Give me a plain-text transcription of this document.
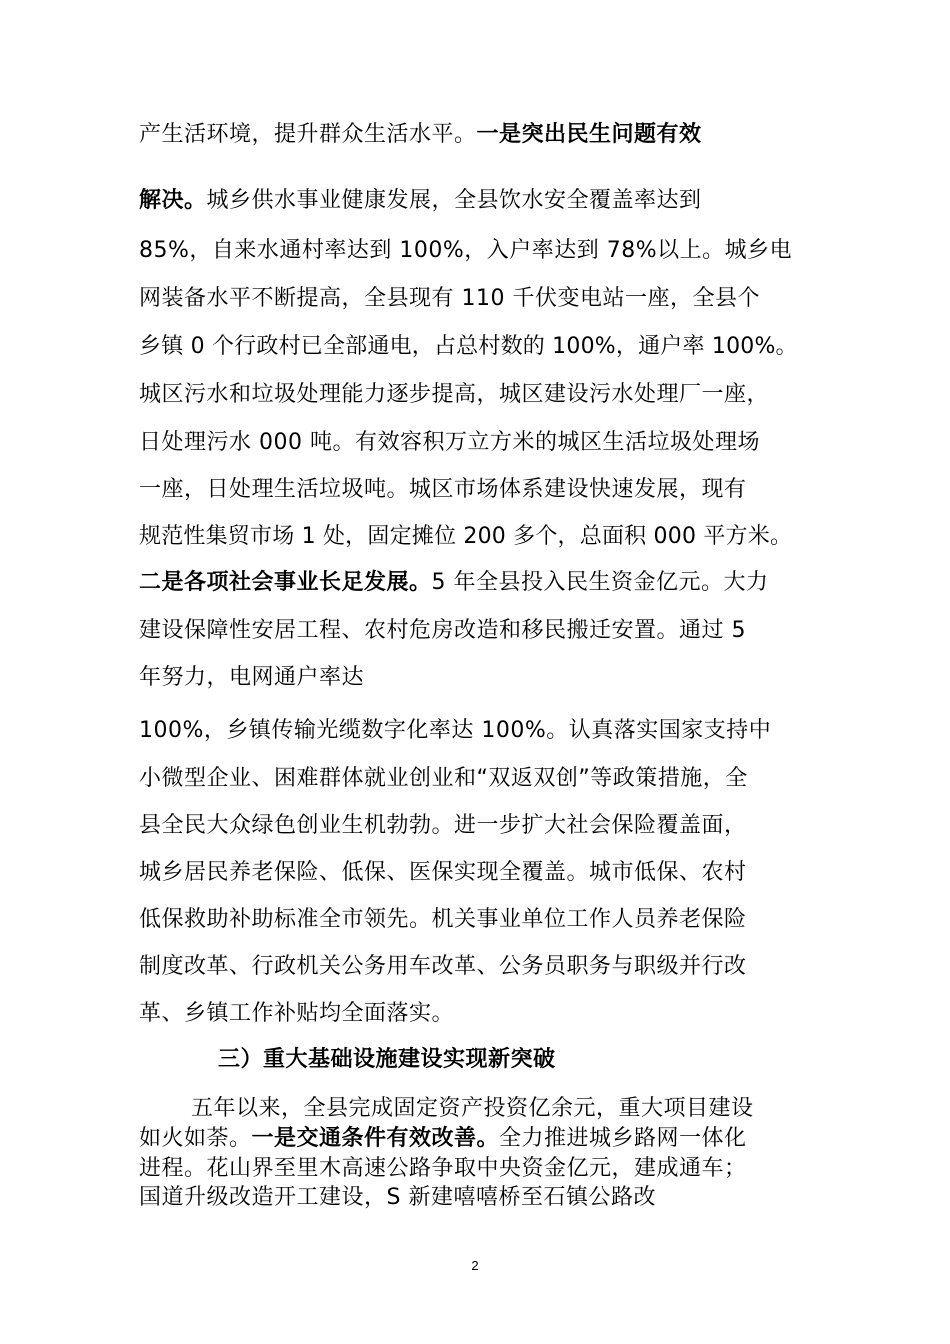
产生活环境，提升群众生活水平。一是突出民生问题有效
解决。城乡供水事业健康发展，全县饮水安全覆盖率达到
85%，自来水通村率达到 100%，入户率达到 78%以上。城乡电
网装备水平不断提高，全县现有 110 千伏变电站一座，全县个
乡镇 0 个行政村已全部通电，占总村数的 100%，通户率 100%。
城区污水和垃圾处理能力逐步提高，城区建设污水处理厂一座，
日处理污水 000 吨。有效容积万立方米的城区生活垃圾处理场
一座，日处理生活垃圾吨。城区市场体系建设快速发展，现有
规范性集贸市场 1 处，固定摊位 200 多个，总面积 000 平方米。
二是各项社会事业长足发展。5 年全县投入民生资金亿元。大力
建设保障性安居工程、农村危房改造和移民搬迁安置。通过 5
年努力，电网通户率达
100%，乡镇传输光缆数字化率达 100%。认真落实国家支持中
小微型企业、困难群体就业创业和“双返双创”等政策措施，全
县全民大众绿色创业生机勃勃。进一步扩大社会保险覆盖面，
城乡居民养老保险、低保、医保实现全覆盖。城市低保、农村
低保救助补助标准全市领先。机关事业单位工作人员养老保险
制度改革、行政机关公务用车改革、公务员职务与职级并行改
革、乡镇工作补贴均全面落实。
三）重大基础设施建设实现新突破
五年以来，全县完成固定资产投资亿余元，重大项目建设
如火如荼。一是交通条件有效改善。全力推进城乡路网一体化
进程。花山界至里木高速公路争取中央资金亿元，建成通车；
国道升级改造开工建设，S 新建嘻嘻桥至石镇公路改
2
